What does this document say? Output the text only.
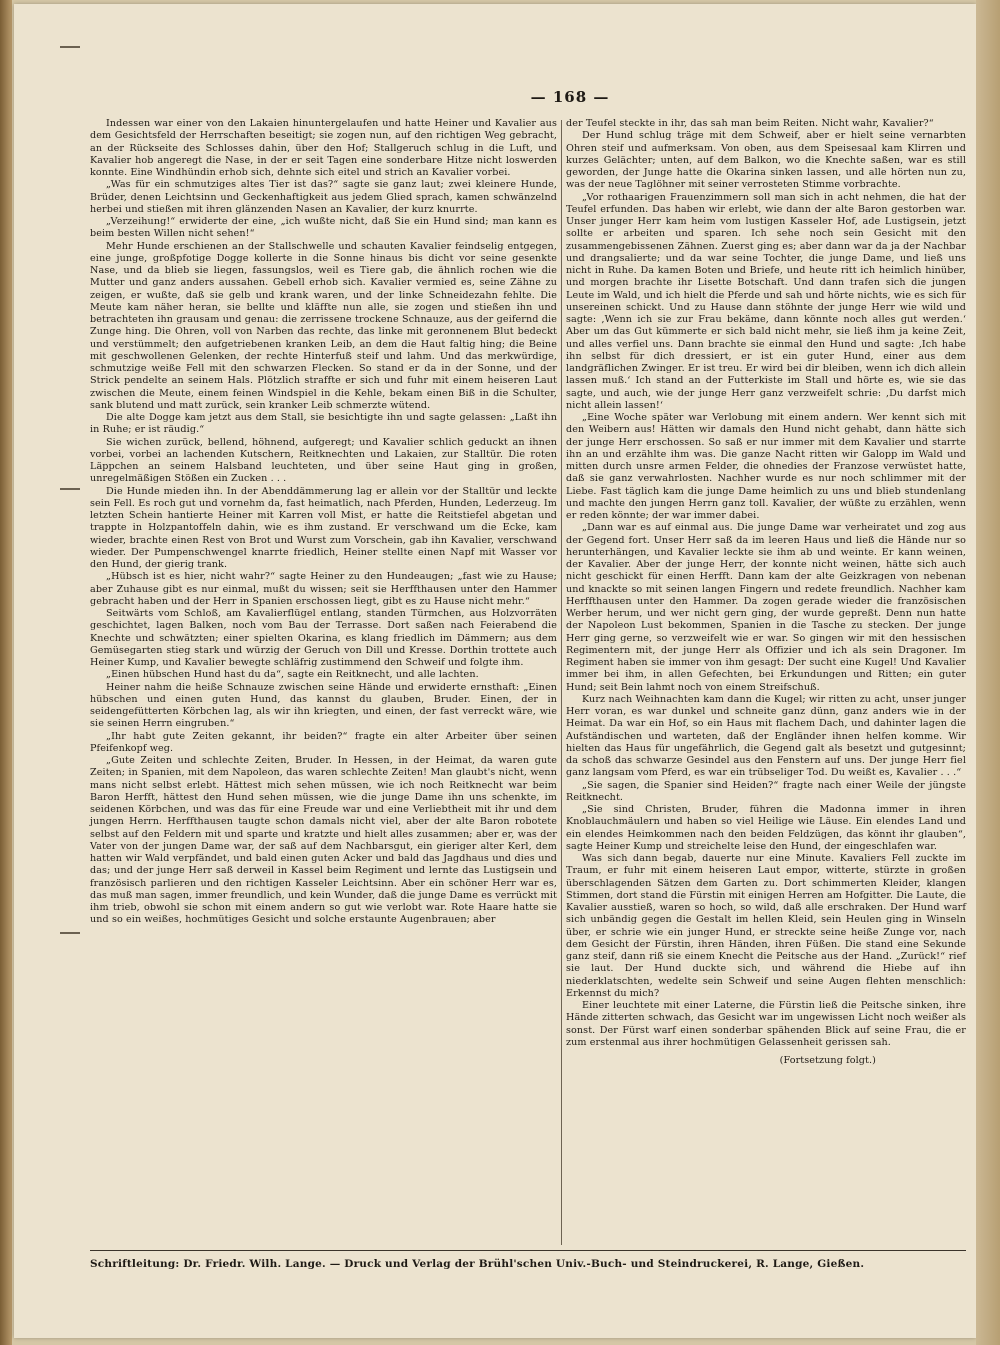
— 168 —

Indessen war einer von den Lakaien hinuntergelaufen und hatte Heiner und Kavalier aus dem Gesichtsfeld der Herrschaften beseitigt; sie zogen nun, auf den richtigen Weg gebracht, an der Rückseite des Schlosses dahin, über den Hof; Stallgeruch schlug in die Luft, und Kavalier hob angeregt die Nase, in der er seit Tagen eine sonderbare Hitze nicht loswerden konnte. Eine Windhündin erhob sich, dehnte sich eitel und strich an Kavalier vorbei.

„Was für ein schmutziges altes Tier ist das?“ sagte sie ganz laut; zwei kleinere Hunde, Brüder, denen Leichtsinn und Geckenhaftigkeit aus jedem Glied sprach, kamen schwänzelnd herbei und stießen mit ihren glänzenden Nasen an Kavalier, der kurz knurrte.

„Verzeihung!“ erwiderte der eine, „ich wußte nicht, daß Sie ein Hund sind; man kann es beim besten Willen nicht sehen!“

Mehr Hunde erschienen an der Stallschwelle und schauten Kavalier feindselig entgegen, eine junge, großpfotige Dogge kollerte in die Sonne hinaus bis dicht vor seine gesenkte Nase, und da blieb sie liegen, fassungslos, weil es Tiere gab, die ähnlich rochen wie die Mutter und ganz anders aussahen. Gebell erhob sich. Kavalier vermied es, seine Zähne zu zeigen, er wußte, daß sie gelb und krank waren, und der linke Schneidezahn fehlte. Die Meute kam näher heran, sie bellte und kläffte nun alle, sie zogen und stießen ihn und betrachteten ihn grausam und genau: die zerrissene trockene Schnauze, aus der geifernd die Zunge hing. Die Ohren, voll von Narben das rechte, das linke mit geronnenem Blut bedeckt und verstümmelt; den aufgetriebenen kranken Leib, an dem die Haut faltig hing; die Beine mit geschwollenen Gelenken, der rechte Hinterfuß steif und lahm. Und das merkwürdige, schmutzige weiße Fell mit den schwarzen Flecken. So stand er da in der Sonne, und der Strick pendelte an seinem Hals. Plötzlich straffte er sich und fuhr mit einem heiseren Laut zwischen die Meute, einem feinen Windspiel in die Kehle, bekam einen Biß in die Schulter, sank blutend und matt zurück, sein kranker Leib schmerzte wütend.

Die alte Dogge kam jetzt aus dem Stall, sie besichtigte ihn und sagte gelassen: „Laßt ihn in Ruhe; er ist räudig.“

Sie wichen zurück, bellend, höhnend, aufgeregt; und Kavalier schlich geduckt an ihnen vorbei, vorbei an lachenden Kutschern, Reitknechten und Lakaien, zur Stalltür. Die roten Läppchen an seinem Halsband leuchteten, und über seine Haut ging in großen, unregelmäßigen Stößen ein Zucken . . .

Die Hunde mieden ihn. In der Abenddämmerung lag er allein vor der Stalltür und leckte sein Fell. Es roch gut und vornehm da, fast heimatlich, nach Pferden, Hunden, Lederzeug. Im letzten Schein hantierte Heiner mit Karren voll Mist, er hatte die Reitstiefel abgetan und trappte in Holzpantoffeln dahin, wie es ihm zustand. Er verschwand um die Ecke, kam wieder, brachte einen Rest von Brot und Wurst zum Vorschein, gab ihn Kavalier, verschwand wieder. Der Pumpenschwengel knarrte friedlich, Heiner stellte einen Napf mit Wasser vor den Hund, der gierig trank.

„Hübsch ist es hier, nicht wahr?“ sagte Heiner zu den Hundeaugen; „fast wie zu Hause; aber Zuhause gibt es nur einmal, mußt du wissen; seit sie Herffthausen unter den Hammer gebracht haben und der Herr in Spanien erschossen liegt, gibt es zu Hause nicht mehr.“

Seitwärts vom Schloß, am Kavalierflügel entlang, standen Türmchen, aus Holzvorräten geschichtet, lagen Balken, noch vom Bau der Terrasse. Dort saßen nach Feierabend die Knechte und schwätzten; einer spielten Okarina, es klang friedlich im Dämmern; aus dem Gemüsegarten stieg stark und würzig der Geruch von Dill und Kresse. Dorthin trottete auch Heiner Kump, und Kavalier bewegte schläfrig zustimmend den Schweif und folgte ihm.

„Einen hübschen Hund hast du da“, sagte ein Reitknecht, und alle lachten.

Heiner nahm die heiße Schnauze zwischen seine Hände und erwiderte ernsthaft: „Einen hübschen und einen guten Hund, das kannst du glauben, Bruder. Einen, der in seidengefütterten Körbchen lag, als wir ihn kriegten, und einen, der fast verreckt wäre, wie sie seinen Herrn eingruben.“

„Ihr habt gute Zeiten gekannt, ihr beiden?“ fragte ein alter Arbeiter über seinen Pfeifenkopf weg.

„Gute Zeiten und schlechte Zeiten, Bruder. In Hessen, in der Heimat, da waren gute Zeiten; in Spanien, mit dem Napoleon, das waren schlechte Zeiten! Man glaubt's nicht, wenn mans nicht selbst erlebt. Hättest mich sehen müssen, wie ich noch Reitknecht war beim Baron Herfft, hättest den Hund sehen müssen, wie die junge Dame ihn uns schenkte, im seidenen Körbchen, und was das für eine Freude war und eine Verliebtheit mit ihr und dem jungen Herrn. Herffthausen taugte schon damals nicht viel, aber der alte Baron robotete selbst auf den Feldern mit und sparte und kratzte und hielt alles zusammen; aber er, was der Vater von der jungen Dame war, der saß auf dem Nachbarsgut, ein gieriger alter Kerl, dem hatten wir Wald verpfändet, und bald einen guten Acker und bald das Jagdhaus und dies und das; und der junge Herr saß derweil in Kassel beim Regiment und lernte das Lustigsein und französisch parlieren und den richtigen Kasseler Leichtsinn. Aber ein schöner Herr war es, das muß man sagen, immer freundlich, und kein Wunder, daß die junge Dame es verrückt mit ihm trieb, obwohl sie schon mit einem andern so gut wie verlobt war. Rote Haare hatte sie und so ein weißes, hochmütiges Gesicht und solche erstaunte Augenbrauen; aber

der Teufel steckte in ihr, das sah man beim Reiten. Nicht wahr, Kavalier?“

Der Hund schlug träge mit dem Schweif, aber er hielt seine vernarbten Ohren steif und aufmerksam. Von oben, aus dem Speisesaal kam Klirren und kurzes Gelächter; unten, auf dem Balkon, wo die Knechte saßen, war es still geworden, der Junge hatte die Okarina sinken lassen, und alle hörten nun zu, was der neue Taglöhner mit seiner verrosteten Stimme vorbrachte.

„Vor rothaarigen Frauenzimmern soll man sich in acht nehmen, die hat der Teufel erfunden. Das haben wir erlebt, wie dann der alte Baron gestorben war. Unser junger Herr kam heim vom lustigen Kasseler Hof, ade Lustigsein, jetzt sollte er arbeiten und sparen. Ich sehe noch sein Gesicht mit den zusammengebissenen Zähnen. Zuerst ging es; aber dann war da ja der Nachbar und drangsalierte; und da war seine Tochter, die junge Dame, und ließ uns nicht in Ruhe. Da kamen Boten und Briefe, und heute ritt ich heimlich hinüber, und morgen brachte ihr Lisette Botschaft. Und dann trafen sich die jungen Leute im Wald, und ich hielt die Pferde und sah und hörte nichts, wie es sich für unsereinen schickt. Und zu Hause dann stöhnte der junge Herr wie wild und sagte: ‚Wenn ich sie zur Frau bekäme, dann könnte noch alles gut werden.‘ Aber um das Gut kümmerte er sich bald nicht mehr, sie ließ ihm ja keine Zeit, und alles verfiel uns. Dann brachte sie einmal den Hund und sagte: ‚Ich habe ihn selbst für dich dressiert, er ist ein guter Hund, einer aus dem landgräflichen Zwinger. Er ist treu. Er wird bei dir bleiben, wenn ich dich allein lassen muß.‘ Ich stand an der Futterkiste im Stall und hörte es, wie sie das sagte, und auch, wie der junge Herr ganz verzweifelt schrie: ‚Du darfst mich nicht allein lassen!‘

„Eine Woche später war Verlobung mit einem andern. Wer kennt sich mit den Weibern aus! Hätten wir damals den Hund nicht gehabt, dann hätte sich der junge Herr erschossen. So saß er nur immer mit dem Kavalier und starrte ihn an und erzählte ihm was. Die ganze Nacht ritten wir Galopp im Wald und mitten durch unsre armen Felder, die ohnedies der Franzose verwüstet hatte, daß sie ganz verwahrlosten. Nachher wurde es nur noch schlimmer mit der Liebe. Fast täglich kam die junge Dame heimlich zu uns und blieb stundenlang und machte den jungen Herrn ganz toll. Kavalier, der wüßte zu erzählen, wenn er reden könnte; der war immer dabei.

„Dann war es auf einmal aus. Die junge Dame war verheiratet und zog aus der Gegend fort. Unser Herr saß da im leeren Haus und ließ die Hände nur so herunterhängen, und Kavalier leckte sie ihm ab und weinte. Er kann weinen, der Kavalier. Aber der junge Herr, der konnte nicht weinen, hätte sich auch nicht geschickt für einen Herfft. Dann kam der alte Geizkragen von nebenan und knackte so mit seinen langen Fingern und redete freundlich. Nachher kam Herffthausen unter den Hammer. Da zogen gerade wieder die französischen Werber herum, und wer nicht gern ging, der wurde gepreßt. Denn nun hatte der Napoleon Lust bekommen, Spanien in die Tasche zu stecken. Der junge Herr ging gerne, so verzweifelt wie er war. So gingen wir mit den hessischen Regimentern mit, der junge Herr als Offizier und ich als sein Dragoner. Im Regiment haben sie immer von ihm gesagt: Der sucht eine Kugel! Und Kavalier immer bei ihm, in allen Gefechten, bei Erkundungen und Ritten; ein guter Hund; seit Bein lahmt noch von einem Streifschuß.

Kurz nach Weihnachten kam dann die Kugel; wir ritten zu acht, unser junger Herr voran, es war dunkel und schneite ganz dünn, ganz anders wie in der Heimat. Da war ein Hof, so ein Haus mit flachem Dach, und dahinter lagen die Aufständischen und warteten, daß der Engländer ihnen helfen komme. Wir hielten das Haus für ungefährlich, die Gegend galt als besetzt und gutgesinnt; da schoß das schwarze Gesindel aus den Fenstern auf uns. Der junge Herr fiel ganz langsam vom Pferd, es war ein trübseliger Tod. Du weißt es, Kavalier . . .“

„Sie sagen, die Spanier sind Heiden?“ fragte nach einer Weile der jüngste Reitknecht.

„Sie sind Christen, Bruder, führen die Madonna immer in ihren Knoblauchmäulern und haben so viel Heilige wie Läuse. Ein elendes Land und ein elendes Heimkommen nach den beiden Feldzügen, das könnt ihr glauben“, sagte Heiner Kump und streichelte leise den Hund, der eingeschlafen war.

Was sich dann begab, dauerte nur eine Minute. Kavaliers Fell zuckte im Traum, er fuhr mit einem heiseren Laut empor, witterte, stürzte in großen überschlagenden Sätzen dem Garten zu. Dort schimmerten Kleider, klangen Stimmen, dort stand die Fürstin mit einigen Herren am Hofgitter. Die Laute, die Kavalier ausstieß, waren so hoch, so wild, daß alle erschraken. Der Hund warf sich unbändig gegen die Gestalt im hellen Kleid, sein Heulen ging in Winseln über, er schrie wie ein junger Hund, er streckte seine heiße Zunge vor, nach dem Gesicht der Fürstin, ihren Händen, ihren Füßen. Die stand eine Sekunde ganz steif, dann riß sie einem Knecht die Peitsche aus der Hand. „Zurück!“ rief sie laut. Der Hund duckte sich, und während die Hiebe auf ihn niederklatschten, wedelte sein Schweif und seine Augen flehten menschlich: Erkennst du mich?

Einer leuchtete mit einer Laterne, die Fürstin ließ die Peitsche sinken, ihre Hände zitterten schwach, das Gesicht war im ungewissen Licht noch weißer als sonst. Der Fürst warf einen sonderbar spähenden Blick auf seine Frau, die er zum erstenmal aus ihrer hochmütigen Gelassenheit gerissen sah.

(Fortsetzung folgt.)
Schriftleitung: Dr. Friedr. Wilh. Lange. — Druck und Verlag der Brühl'schen Univ.-Buch- und Steindruckerei, R. Lange, Gießen.
